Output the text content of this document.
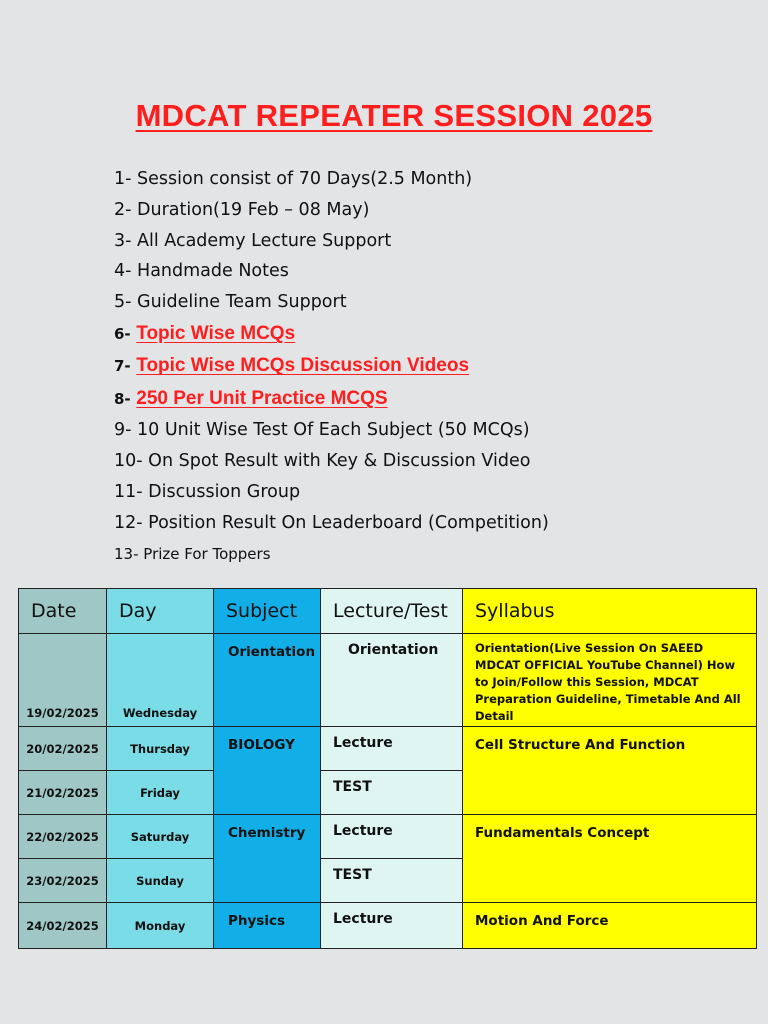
MDCAT REPEATER SESSION 2025
1- Session consist of 70 Days(2.5 Month)
2- Duration(19 Feb – 08 May)
3- All Academy Lecture Support
4- Handmade Notes
5- Guideline Team Support
6- Topic Wise MCQs
7- Topic Wise MCQs Discussion Videos
8- 250 Per Unit Practice MCQS
9- 10 Unit Wise Test Of Each Subject (50 MCQs)
10- On Spot Result with Key & Discussion Video
11- Discussion Group
12- Position Result On Leaderboard (Competition)
13- Prize For Toppers
Date	Day	Subject	Lecture/Test	Syllabus
19/02/2025	Wednesday	Orientation	Orientation	Orientation(Live Session On SAEED MDCAT OFFICIAL YouTube Channel) How to Join/Follow this Session, MDCAT Preparation Guideline, Timetable And All Detail
20/02/2025	Thursday	BIOLOGY	Lecture	Cell Structure And Function
21/02/2025	Friday		TEST	
22/02/2025	Saturday	Chemistry	Lecture	Fundamentals Concept
23/02/2025	Sunday		TEST	
24/02/2025	Monday	Physics	Lecture	Motion And Force
